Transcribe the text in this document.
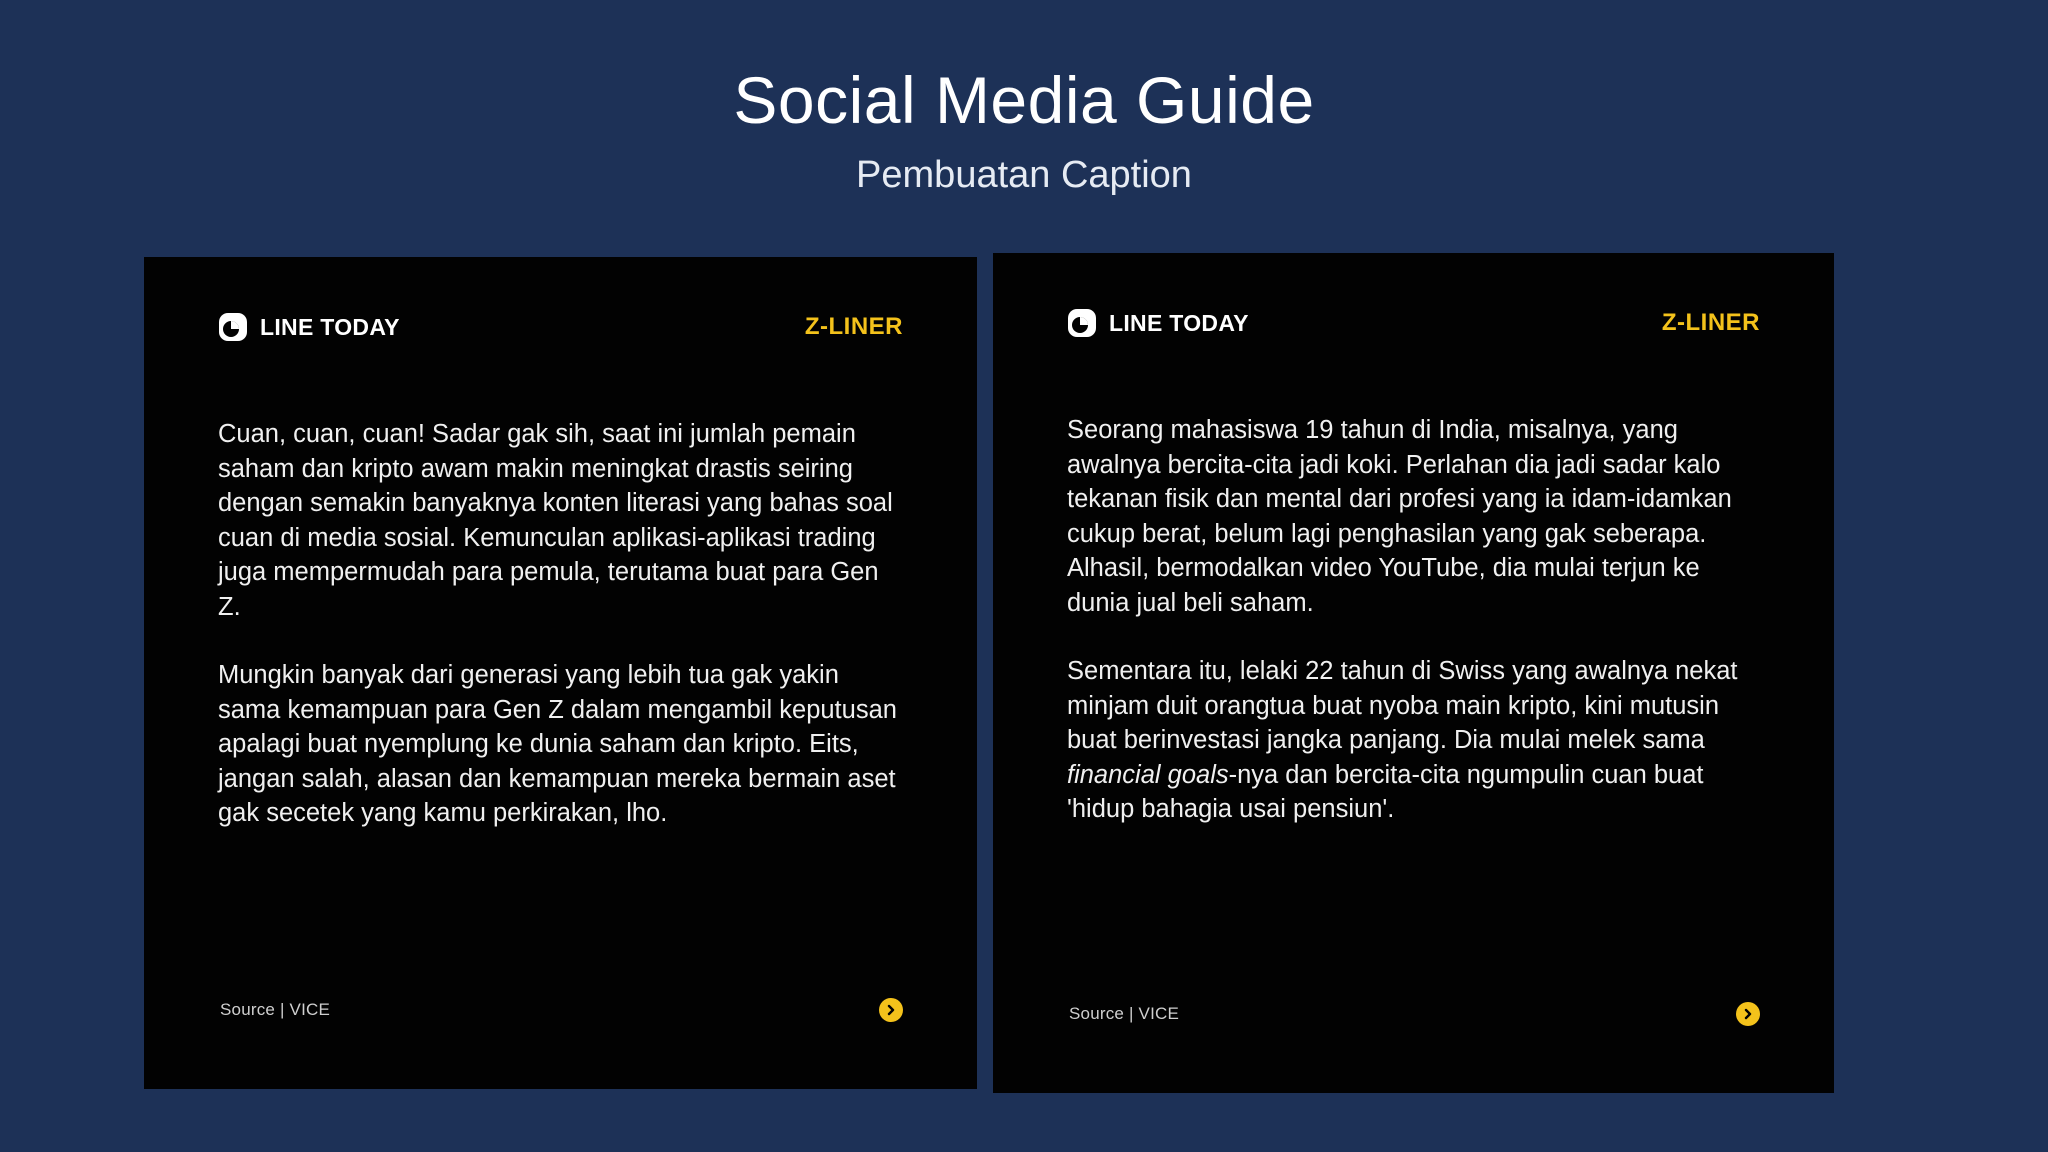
Social Media Guide
Pembuatan Caption
LINE TODAY	Z-LINER

Cuan, cuan, cuan! Sadar gak sih, saat ini jumlah pemain saham dan kripto awam makin meningkat drastis seiring dengan semakin banyaknya konten literasi yang bahas soal cuan di media sosial. Kemunculan aplikasi-aplikasi trading juga mempermudah para pemula, terutama buat para Gen Z.

Mungkin banyak dari generasi yang lebih tua gak yakin sama kemampuan para Gen Z dalam mengambil keputusan apalagi buat nyemplung ke dunia saham dan kripto. Eits, jangan salah, alasan dan kemampuan mereka bermain aset gak secetek yang kamu perkirakan, lho.

Source | VICE
LINE TODAY	Z-LINER

Seorang mahasiswa 19 tahun di India, misalnya, yang awalnya bercita-cita jadi koki. Perlahan dia jadi sadar kalo tekanan fisik dan mental dari profesi yang ia idam-idamkan cukup berat, belum lagi penghasilan yang gak seberapa. Alhasil, bermodalkan video YouTube, dia mulai terjun ke dunia jual beli saham.

Sementara itu, lelaki 22 tahun di Swiss yang awalnya nekat minjam duit orangtua buat nyoba main kripto, kini mutusin buat berinvestasi jangka panjang. Dia mulai melek sama financial goals-nya dan bercita-cita ngumpulin cuan buat 'hidup bahagia usai pensiun'.

Source | VICE
